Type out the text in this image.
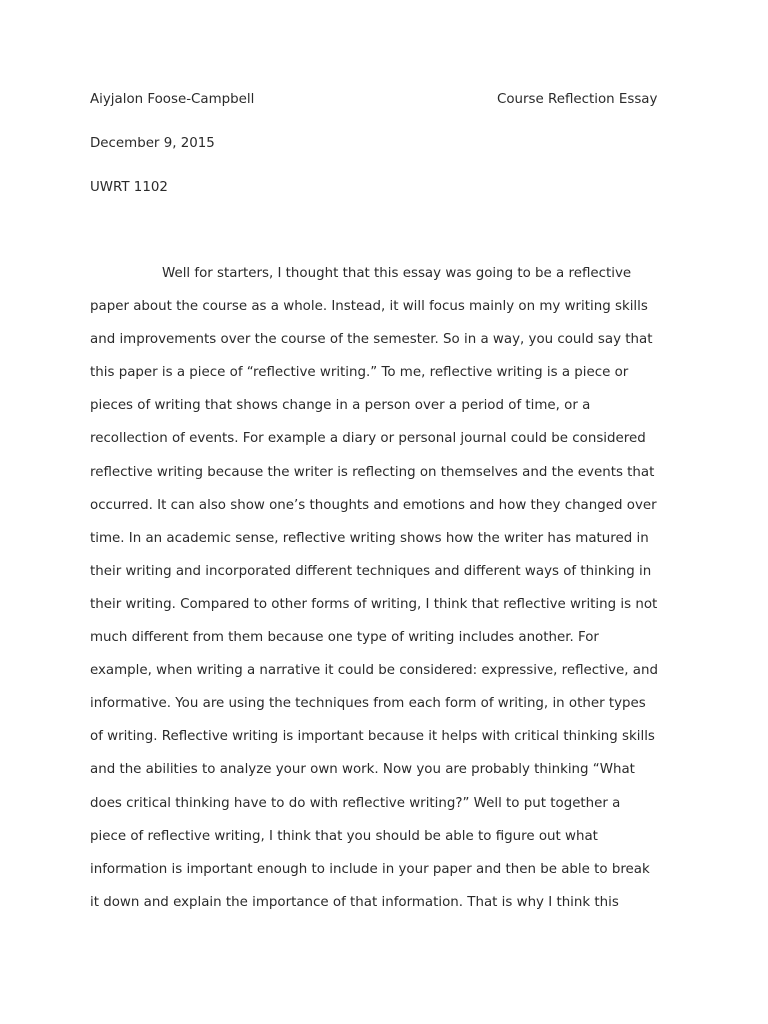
Aiyjalon Foose-Campbell	Course Reflection Essay
December 9, 2015
UWRT 1102
Well for starters, I thought that this essay was going to be a reflective
paper about the course as a whole. Instead, it will focus mainly on my writing skills
and improvements over the course of the semester. So in a way, you could say that
this paper is a piece of “reflective writing.” To me, reflective writing is a piece or
pieces of writing that shows change in a person over a period of time, or a
recollection of events. For example a diary or personal journal could be considered
reflective writing because the writer is reflecting on themselves and the events that
occurred. It can also show one’s thoughts and emotions and how they changed over
time. In an academic sense, reflective writing shows how the writer has matured in
their writing and incorporated different techniques and different ways of thinking in
their writing. Compared to other forms of writing, I think that reflective writing is not
much different from them because one type of writing includes another. For
example, when writing a narrative it could be considered: expressive, reflective, and
informative. You are using the techniques from each form of writing, in other types
of writing. Reflective writing is important because it helps with critical thinking skills
and the abilities to analyze your own work. Now you are probably thinking “What
does critical thinking have to do with reflective writing?” Well to put together a
piece of reflective writing, I think that you should be able to figure out what
information is important enough to include in your paper and then be able to break
it down and explain the importance of that information. That is why I think this
